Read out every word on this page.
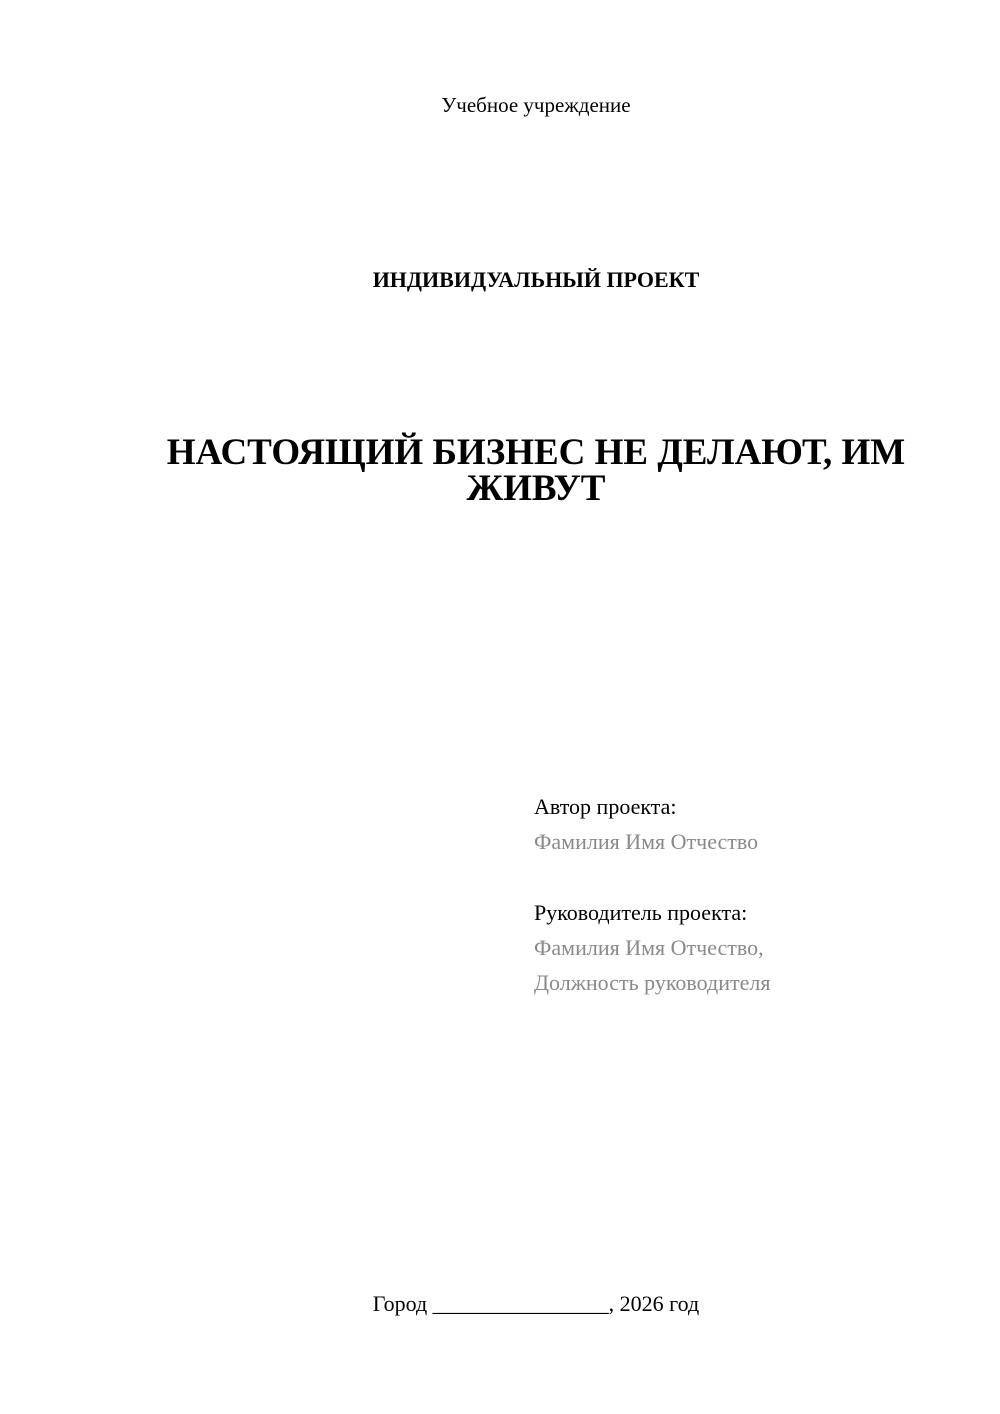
Учебное учреждение
ИНДИВИДУАЛЬНЫЙ ПРОЕКТ
НАСТОЯЩИЙ БИЗНЕС НЕ ДЕЛАЮТ, ИМ
ЖИВУТ
Автор проекта:
Фамилия Имя Отчество
Руководитель проекта:
Фамилия Имя Отчество,
Должность руководителя
Город ________________, 2026 год
